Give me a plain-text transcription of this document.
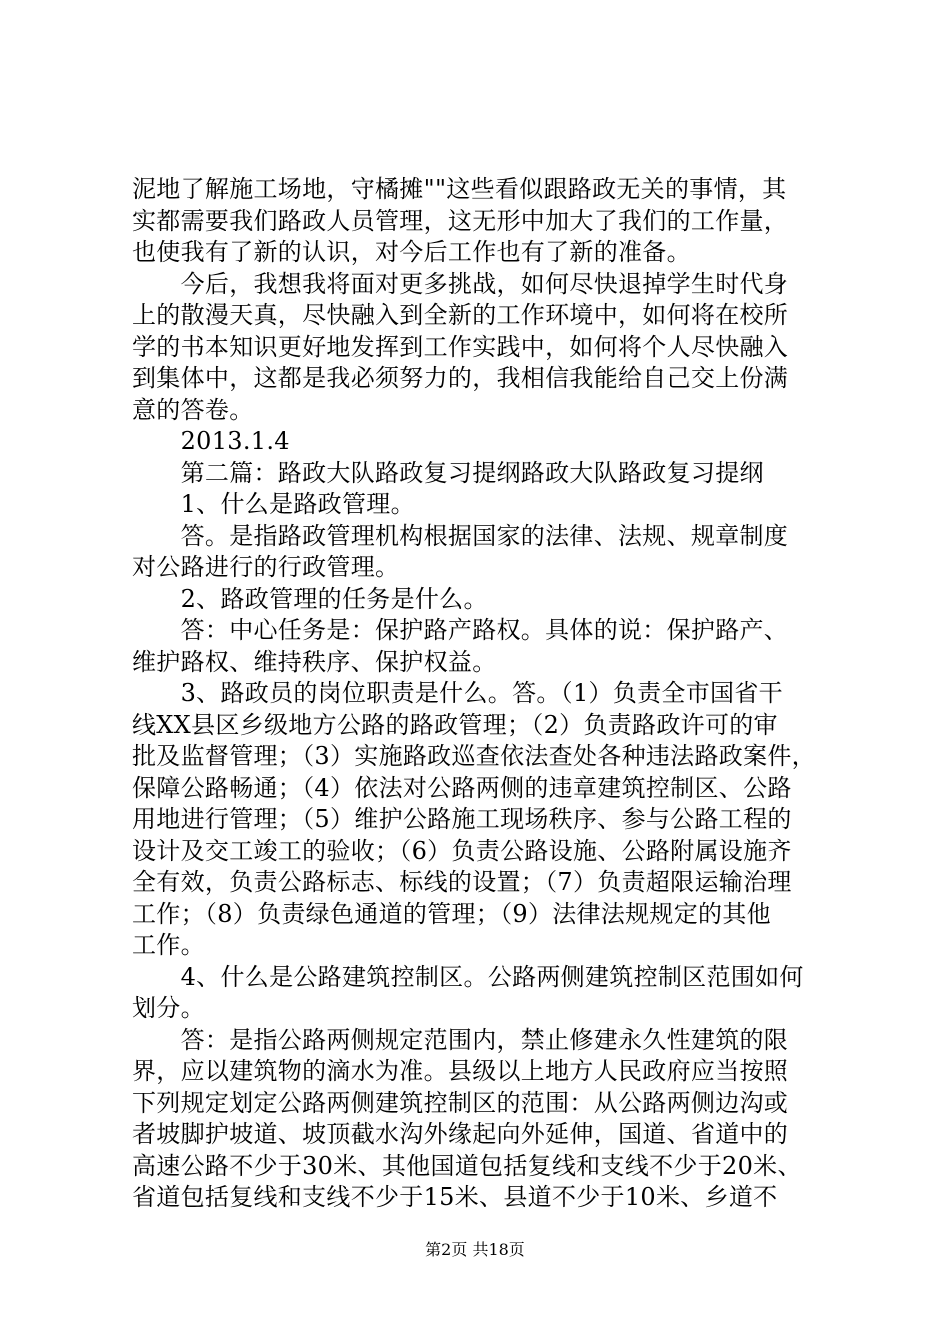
泥地了解施工场地，守橘摊""这些看似跟路政无关的事情，其
实都需要我们路政人员管理，这无形中加大了我们的工作量，
也使我有了新的认识，对今后工作也有了新的准备。
　　今后，我想我将面对更多挑战，如何尽快退掉学生时代身
上的散漫天真，尽快融入到全新的工作环境中，如何将在校所
学的书本知识更好地发挥到工作实践中，如何将个人尽快融入
到集体中，这都是我必须努力的，我相信我能给自己交上份满
意的答卷。
　　2013.1.4
　　第二篇：路政大队路政复习提纲路政大队路政复习提纲
　　1、什么是路政管理。
　　答。是指路政管理机构根据国家的法律、法规、规章制度
对公路进行的行政管理。
　　2、路政管理的任务是什么。
　　答：中心任务是：保护路产路权。具体的说：保护路产、
维护路权、维持秩序、保护权益。
　　3、路政员的岗位职责是什么。答。（1）负责全市国省干
线XX县区乡级地方公路的路政管理；（2）负责路政许可的审
批及监督管理；（3）实施路政巡查依法查处各种违法路政案件，
保障公路畅通；（4）依法对公路两侧的违章建筑控制区、公路
用地进行管理；（5）维护公路施工现场秩序、参与公路工程的
设计及交工竣工的验收；（6）负责公路设施、公路附属设施齐
全有效，负责公路标志、标线的设置；（7）负责超限运输治理
工作；（8）负责绿色通道的管理；（9）法律法规规定的其他
工作。
　　4、什么是公路建筑控制区。公路两侧建筑控制区范围如何
划分。
　　答：是指公路两侧规定范围内，禁止修建永久性建筑的限
界，应以建筑物的滴水为准。县级以上地方人民政府应当按照
下列规定划定公路两侧建筑控制区的范围：从公路两侧边沟或
者坡脚护坡道、坡顶截水沟外缘起向外延伸，国道、省道中的
高速公路不少于30米、其他国道包括复线和支线不少于20米、
省道包括复线和支线不少于15米、县道不少于10米、乡道不
第2页 共18页
